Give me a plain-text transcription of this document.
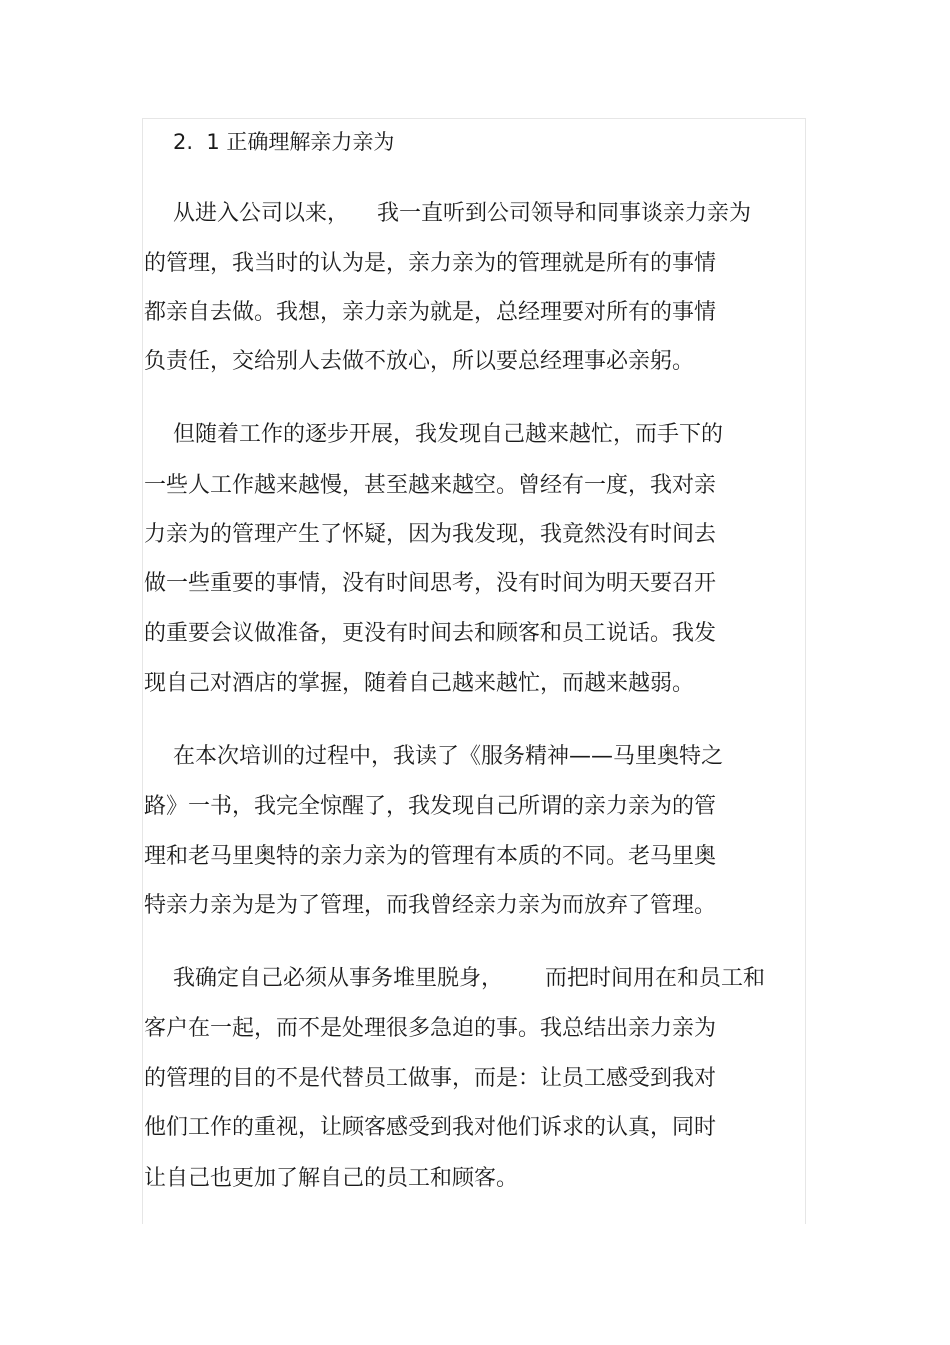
2.  1 正确理解亲力亲为
从进入公司以来，    我一直听到公司领导和同事谈亲力亲为
的管理，我当时的认为是，亲力亲为的管理就是所有的事情
都亲自去做。我想，亲力亲为就是，总经理要对所有的事情
负责任，交给别人去做不放心，所以要总经理事必亲躬。
但随着工作的逐步开展，我发现自己越来越忙，而手下的
一些人工作越来越慢，甚至越来越空。曾经有一度，我对亲
力亲为的管理产生了怀疑，因为我发现，我竟然没有时间去
做一些重要的事情，没有时间思考，没有时间为明天要召开
的重要会议做准备，更没有时间去和顾客和员工说话。我发
现自己对酒店的掌握，随着自己越来越忙，而越来越弱。
在本次培训的过程中，我读了《服务精神——马里奥特之
路》一书，我完全惊醒了，我发现自己所谓的亲力亲为的管
理和老马里奥特的亲力亲为的管理有本质的不同。老马里奥
特亲力亲为是为了管理，而我曾经亲力亲为而放弃了管理。
我确定自己必须从事务堆里脱身，      而把时间用在和员工和
客户在一起，而不是处理很多急迫的事。我总结出亲力亲为
的管理的目的不是代替员工做事，而是：让员工感受到我对
他们工作的重视，让顾客感受到我对他们诉求的认真，同时
让自己也更加了解自己的员工和顾客。
